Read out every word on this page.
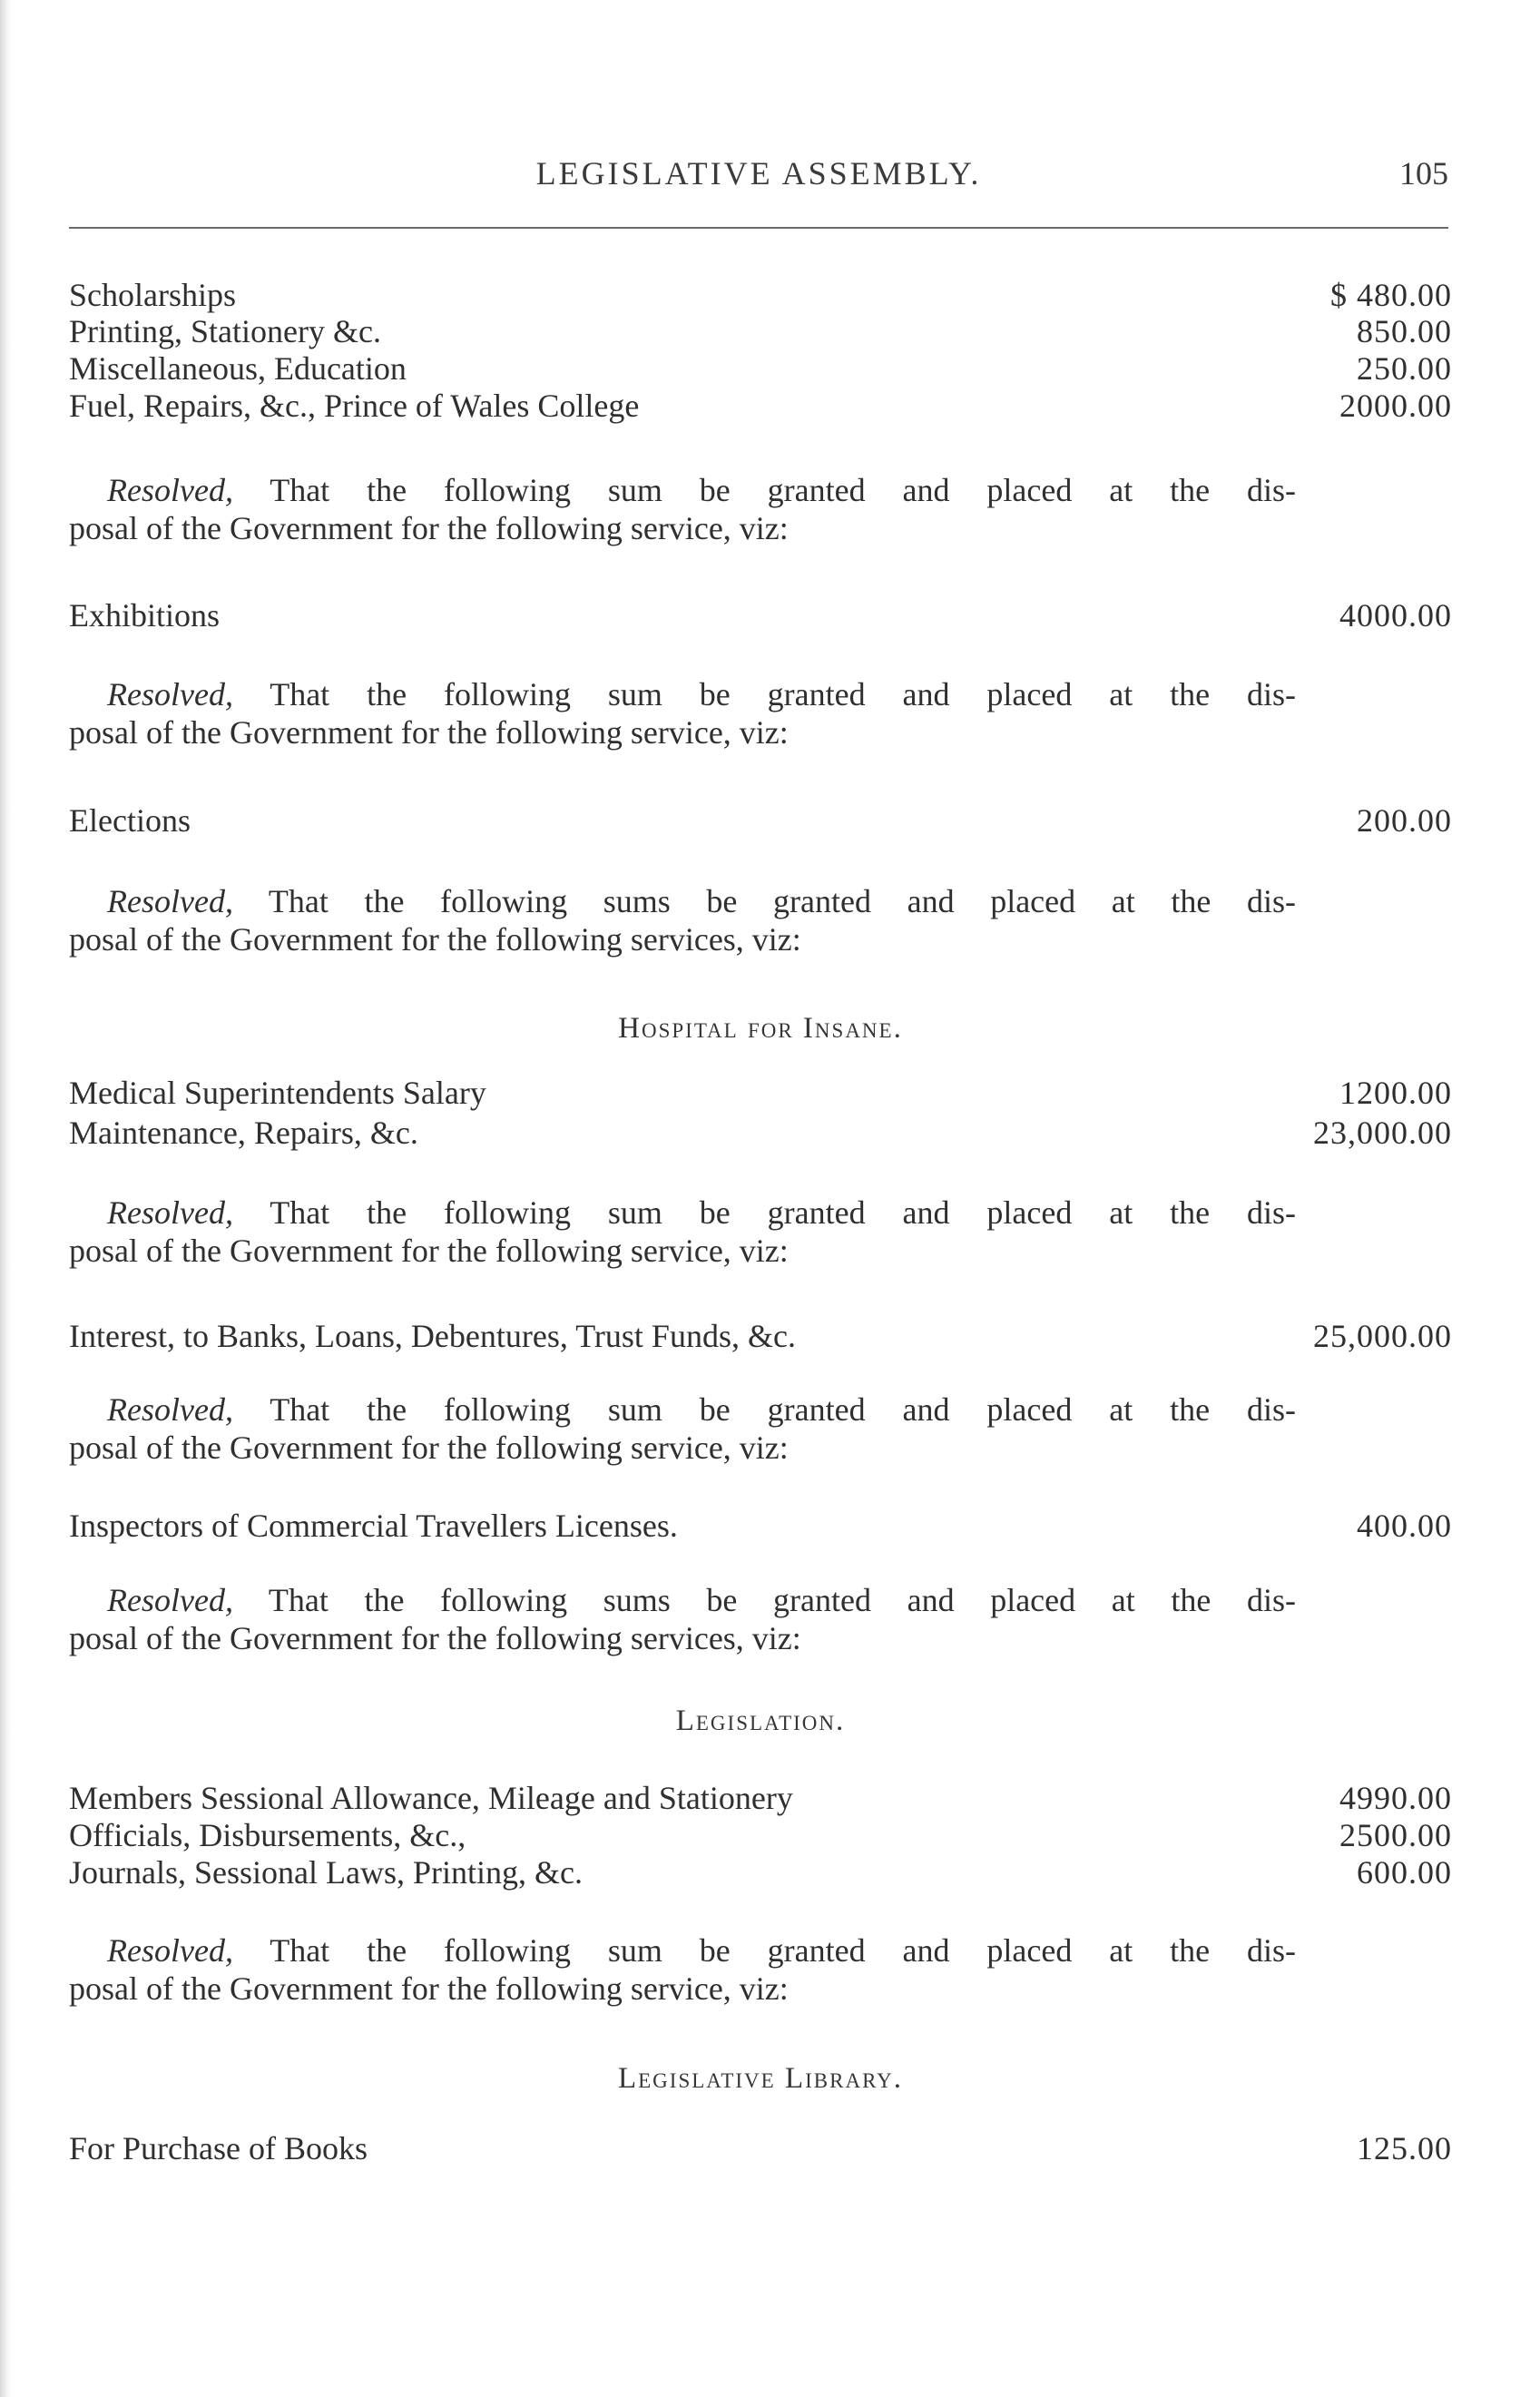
LEGISLATIVE ASSEMBLY.	105
Scholarships	$ 480.00
Printing, Stationery &c.	850.00
Miscellaneous, Education	250.00
Fuel, Repairs, &c., Prince of Wales College	2000.00
Resolved, That the following sum be granted and placed at the dis-
posal of the Government for the following service, viz:
Exhibitions	4000.00
Resolved, That the following sum be granted and placed at the dis-
posal of the Government for the following service, viz:
Elections	200.00
Resolved, That the following sums be granted and placed at the dis-
posal of the Government for the following services, viz:
Hospital for Insane.
Medical Superintendents Salary	1200.00
Maintenance, Repairs, &c.	23,000.00
Resolved, That the following sum be granted and placed at the dis-
posal of the Government for the following service, viz:
Interest, to Banks, Loans, Debentures, Trust Funds, &c.	25,000.00
Resolved, That the following sum be granted and placed at the dis-
posal of the Government for the following service, viz:
Inspectors of Commercial Travellers Licenses.	400.00
Resolved, That the following sums be granted and placed at the dis-
posal of the Government for the following services, viz:
Legislation.
Members Sessional Allowance, Mileage and Stationery	4990.00
Officials, Disbursements, &c.,	2500.00
Journals, Sessional Laws, Printing, &c.	600.00
Resolved, That the following sum be granted and placed at the dis-
posal of the Government for the following service, viz:
Legislative Library.
For Purchase of Books	125.00
